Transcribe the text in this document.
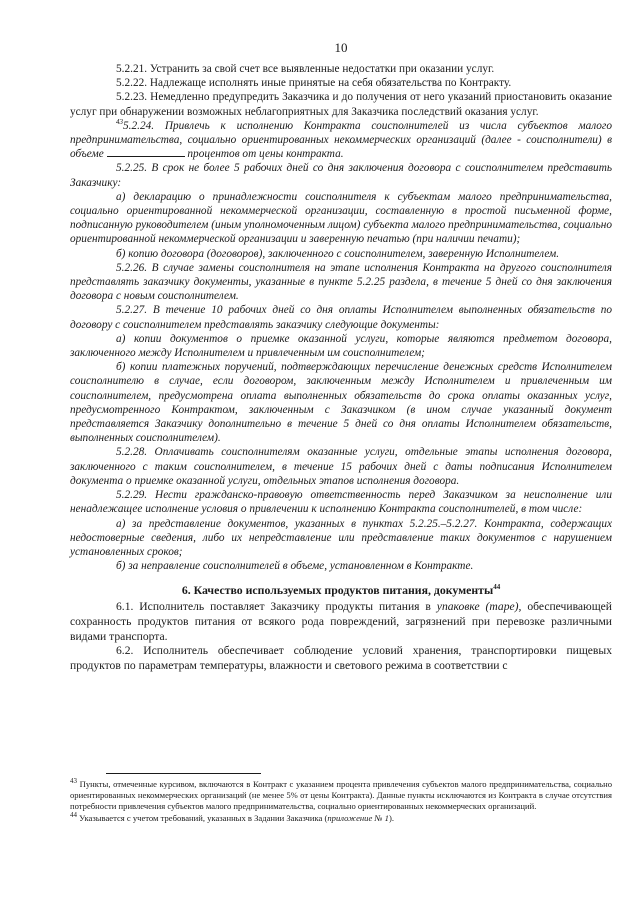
10

5.2.21. Устранить за свой счет все выявленные недостатки при оказании услуг.

5.2.22. Надлежаще исполнять иные принятые на себя обязательства по Контракту.

5.2.23. Немедленно предупредить Заказчика и до получения от него указаний приостановить оказание услуг при обнаружении возможных неблагоприятных для Заказчика последствий оказания услуг.

$^{43}$5.2.24. Привлечь к исполнению Контракта соисполнителей из числа субъектов малого предпринимательства, социально ориентированных некоммерческих организаций (далее - соисполнители) в объеме	процентов от цены контракта.

5.2.25. В срок не более 5 рабочих дней со дня заключения договора с соисполнителем представить Заказчику:

а) декларацию о принадлежности соисполнителя к субъектам малого предпринимательства, социально ориентированной некоммерческой организации, составленную в простой письменной форме, подписанную руководителем (иным уполномоченным лицом) субъекта малого предпринимательства, социально ориентированной некоммерческой организации и заверенную печатью (при наличии печати);

б) копию договора (договоров), заключенного с соисполнителем, заверенную Исполнителем.

5.2.26. В случае замены соисполнителя на этапе исполнения Контракта на другого соисполнителя представлять заказчику документы, указанные в пункте 5.2.25 раздела, в течение 5 дней со дня заключения договора с новым соисполнителем.

5.2.27. В течение 10 рабочих дней со дня оплаты Исполнителем выполненных обязательств по договору с соисполнителем представлять заказчику следующие документы:

а) копии документов о приемке оказанной услуги, которые являются предметом договора, заключенного между Исполнителем и привлеченным им соисполнителем;

б) копии платежных поручений, подтверждающих перечисление денежных средств Исполнителем соисполнителю в случае, если договором, заключенным между Исполнителем и привлеченным им соисполнителем, предусмотрена оплата выполненных обязательств до срока оплаты оказанных услуг, предусмотренного Контрактом, заключенным с Заказчиком (в ином случае указанный документ представляется Заказчику дополнительно в течение 5 дней со дня оплаты Исполнителем обязательств, выполненных соисполнителем).

5.2.28. Оплачивать соисполнителям оказанные услуги, отдельные этапы исполнения договора, заключенного с таким соисполнителем, в течение 15 рабочих дней с даты подписания Исполнителем документа о приемке оказанной услуги, отдельных этапов исполнения договора.

5.2.29. Нести гражданско-правовую ответственность перед Заказчиком за неисполнение или ненадлежащее исполнение условия о привлечении к исполнению Контракта соисполнителей, в том числе:

а) за представление документов, указанных в пунктах 5.2.25.–5.2.27. Контракта, содержащих недостоверные сведения, либо их непредставление или представление таких документов с нарушением установленных сроков;

б) за неправление соисполнителей в объеме, установленном в Контракте.

6. Качество используемых продуктов питания, документы$^{44}$

6.1. Исполнитель поставляет Заказчику продукты питания в упаковке (таре), обеспечивающей сохранность продуктов питания от всякого рода повреждений, загрязнений при перевозке различными видами транспорта.

6.2. Исполнитель обеспечивает соблюдение условий хранения, транспортировки пищевых продуктов по параметрам температуры, влажности и светового режима в соответствии с

$^{43}$ Пункты, отмеченные курсивом, включаются в Контракт с указанием процента привлечения субъектов малого предпринимательства, социально ориентированных некоммерческих организаций (не менее 5% от цены Контракта). Данные пункты исключаются из Контракта в случае отсутствия потребности привлечения субъектов малого предпринимательства, социально ориентированных некоммерческих организаций.

$^{44}$ Указывается с учетом требований, указанных в Задании Заказчика (приложение № 1).
